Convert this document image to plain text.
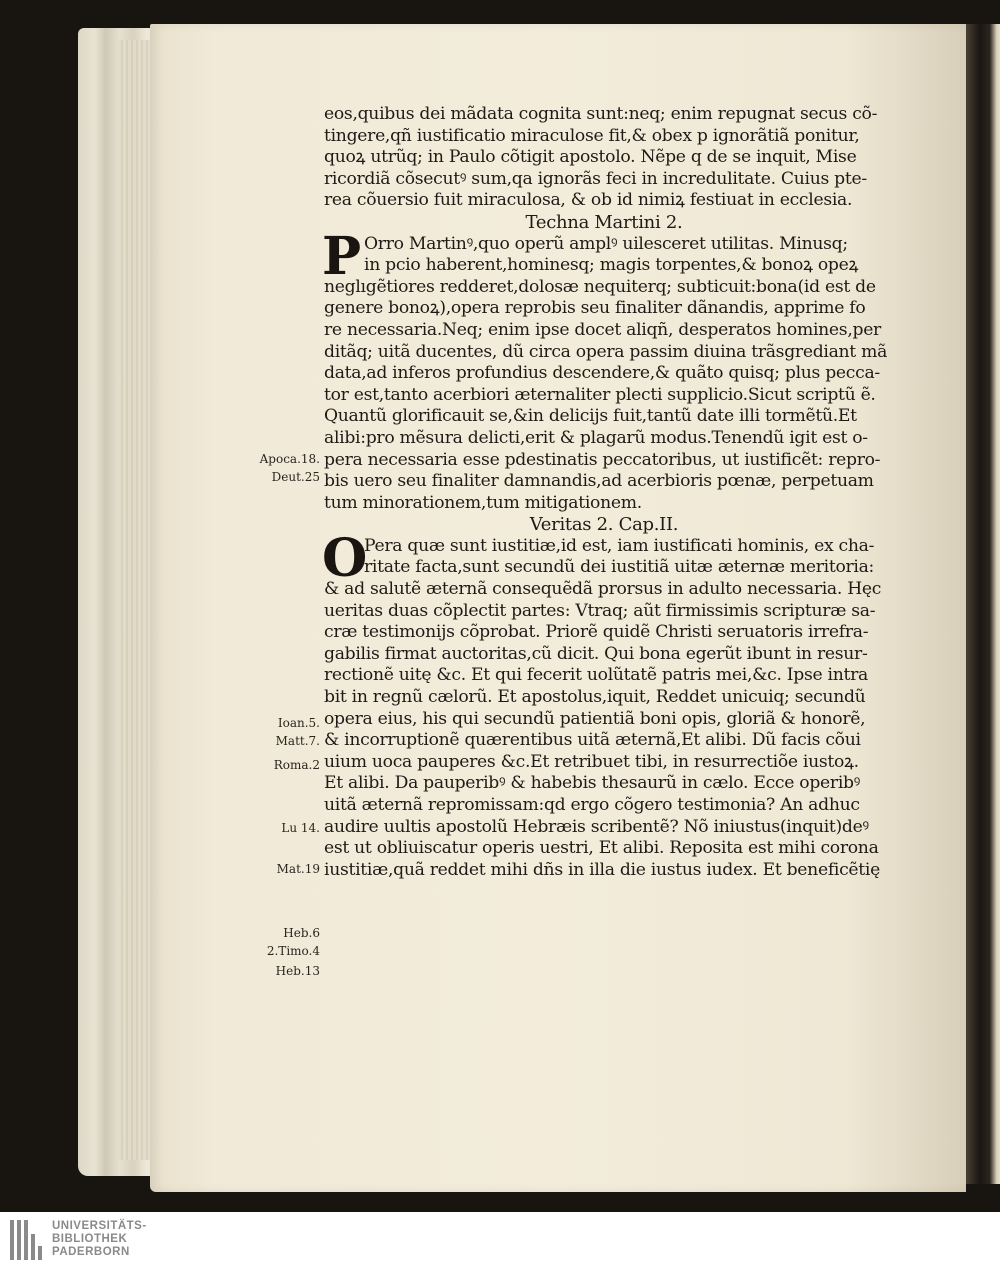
Apoca.18.
Deut.25
Ioan.5.
Matt.7.
Roma.2
Lu 14.
Mat.19
Heb.6
2.Timo.4
Heb.13
eos,quibus dei mãdata cognita sunt:neq; enim repugnat secus cõ-
tingere,qñ iustificatio miraculose fit,& obex p ignorãtiã ponitur,
quoꝝ utrũq; in Paulo cõtigit apostolo. Nẽpe q de se inquit, Mise
ricordiã cõsecutꝰ sum,qa ignorãs feci in incredulitate. Cuius pte-
rea cõuersio fuit miraculosa, & ob id nimiꝝ festiuat in ecclesia.
Techna Martini 2.
P Orro Martinꝰ,quo operũ amplꝰ uilesceret utilitas. Minusq;
in pcio haberent,hominesq; magis torpentes,& bonoꝝ opeꝝ
neglıgẽtiores redderet,dolosæ nequiterq; subticuit:bona(id est de
genere bonoꝝ),opera reprobis seu finaliter dãnandis, apprime fo
re necessaria.Neq; enim ipse docet aliqñ, desperatos homines,per
ditãq; uitã ducentes, dũ circa opera passim diuina trãsgrediant mã
data,ad inferos profundius descendere,& quãto quisq; plus pecca-
tor est,tanto acerbiori æternaliter plecti supplicio.Sicut scriptũ ẽ.
Quantũ glorificauit se,&in delicijs fuit,tantũ date illi tormẽtũ.Et
alibi:pro mẽsura delicti,erit & plagarũ modus.Tenendũ igit est o-
pera necessaria esse pdestinatis peccatoribus, ut iustificẽt: repro-
bis uero seu finaliter damnandis,ad acerbioris pœnæ, perpetuam
tum minorationem,tum mitigationem.
Veritas 2. Cap.II.
O
Pera quæ sunt iustitiæ,id est, iam iustificati hominis, ex cha-
ritate facta,sunt secundũ dei iustitiã uitæ æternæ meritoria:
& ad salutẽ æternã consequẽdã prorsus in adulto necessaria. Hęc
ueritas duas cõplectit partes: Vtraq; aũt firmissimis scripturæ sa-
cræ testimonijs cõprobat. Priorẽ quidẽ Christi seruatoris irrefra-
gabilis firmat auctoritas,cũ dicit. Qui bona egerũt ibunt in resur-
rectionẽ uitę &c. Et qui fecerit uolũtatẽ patris mei,&c. Ipse intra
bit in regnũ cælorũ. Et apostolus,iquit, Reddet unicuiq; secundũ
opera eius, his qui secundũ patientiã boni opis, gloriã & honorẽ,
& incorruptionẽ quærentibus uitã æternã,Et alibi. Dũ facis cõui
uium uoca pauperes &c.Et retribuet tibi, in resurrectiõe iustoꝝ.
Et alibi. Da pauperibꝰ & habebis thesaurũ in cælo. Ecce operibꝰ
uitã æternã repromissam:qd ergo cõgero testimonia? An adhuc
audire uultis apostolũ Hebræis scribentẽ? Nõ iniustus(inquit)deꝰ
est ut obliuiscatur operis uestri, Et alibi. Reposita est mihi corona
iustitiæ,quã reddet mihi dñs in illa die iustus iudex. Et beneficẽtię
UNIVERSITÄTS-
BIBLIOTHEK
PADERBORN
